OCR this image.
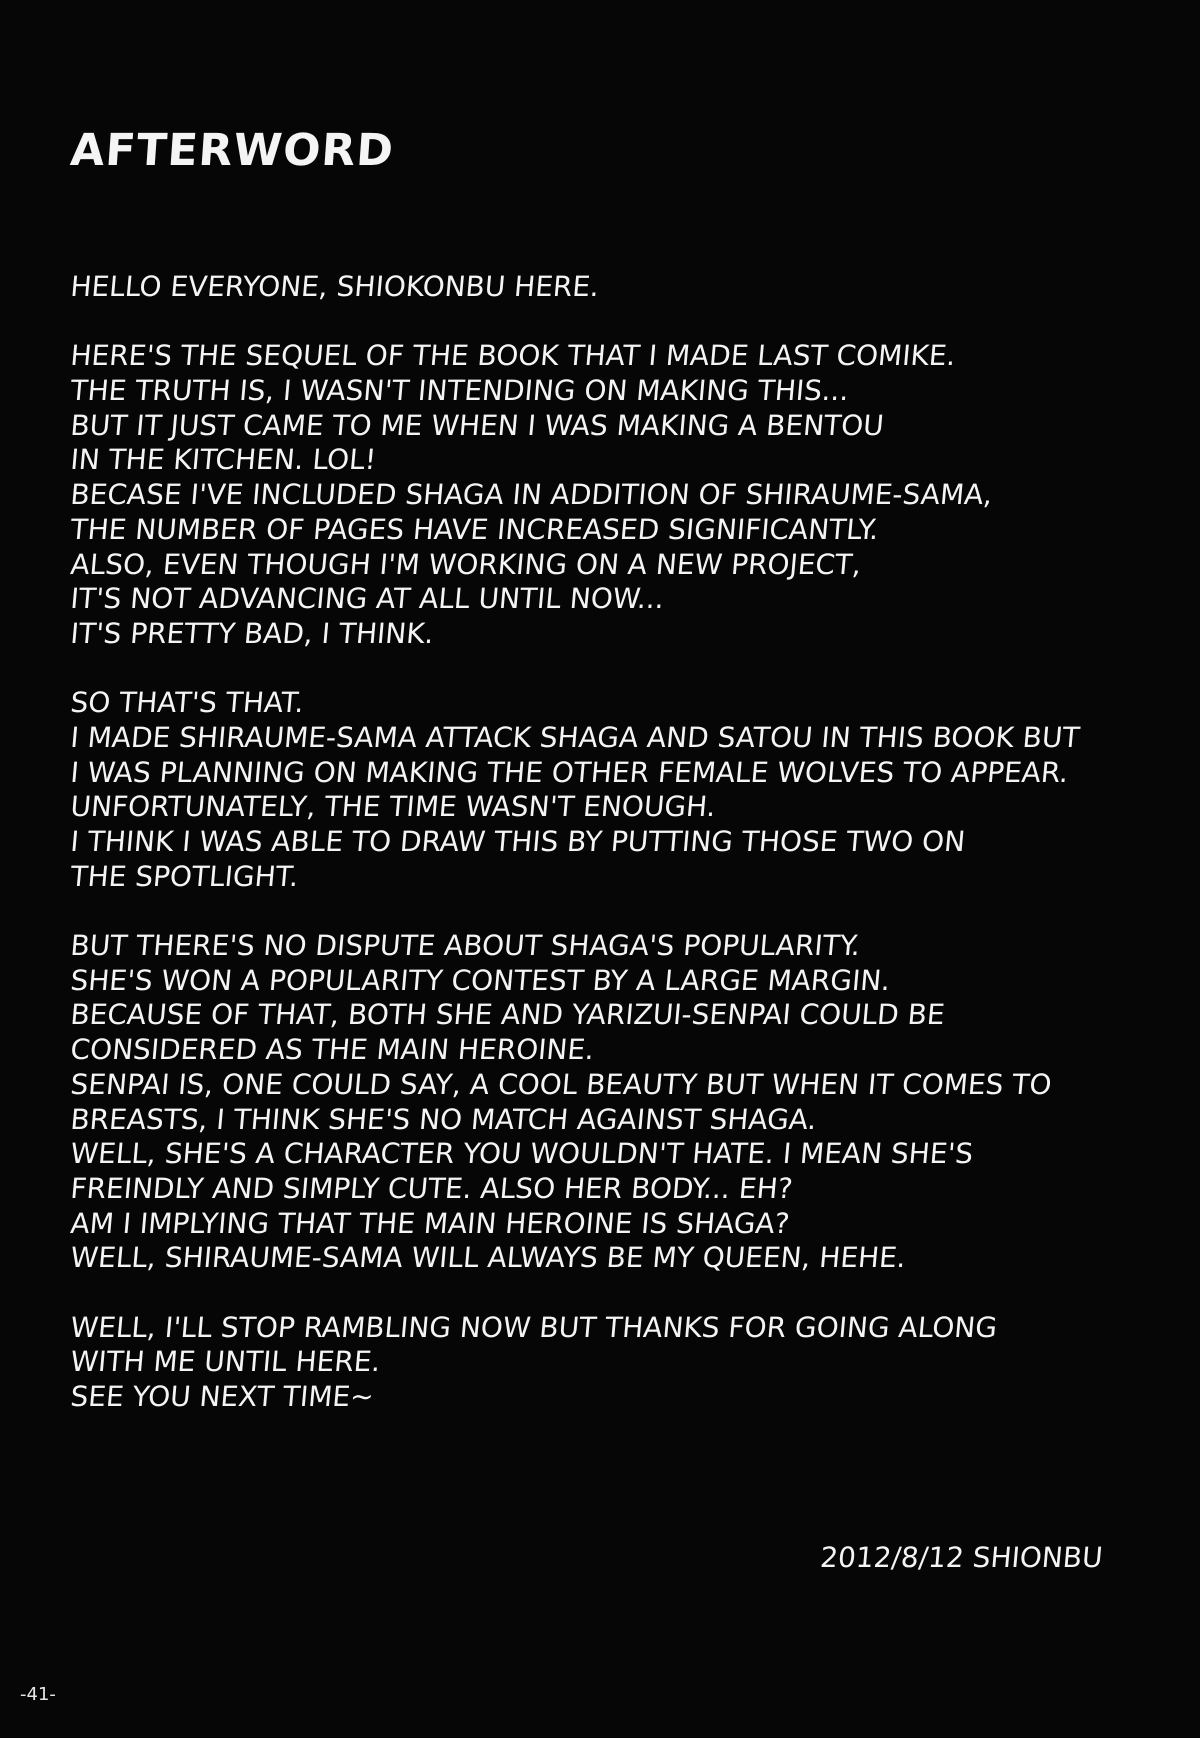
AFTERWORD
HELLO EVERYONE, SHIOKONBU HERE.
HERE'S THE SEQUEL OF THE BOOK THAT I MADE LAST COMIKE.
THE TRUTH IS, I WASN'T INTENDING ON MAKING THIS...
BUT IT JUST CAME TO ME WHEN I WAS MAKING A BENTOU
IN THE KITCHEN. LOL!
BECASE I'VE INCLUDED SHAGA IN ADDITION OF SHIRAUME-SAMA,
THE NUMBER OF PAGES HAVE INCREASED SIGNIFICANTLY.
ALSO, EVEN THOUGH I'M WORKING ON A NEW PROJECT,
IT'S NOT ADVANCING AT ALL UNTIL NOW...
IT'S PRETTY BAD, I THINK.
SO THAT'S THAT.
I MADE SHIRAUME-SAMA ATTACK SHAGA AND SATOU IN THIS BOOK BUT
I WAS PLANNING ON MAKING THE OTHER FEMALE WOLVES TO APPEAR.
UNFORTUNATELY, THE TIME WASN'T ENOUGH.
I THINK I WAS ABLE TO DRAW THIS BY PUTTING THOSE TWO ON
THE SPOTLIGHT.
BUT THERE'S NO DISPUTE ABOUT SHAGA'S POPULARITY.
SHE'S WON A POPULARITY CONTEST BY A LARGE MARGIN.
BECAUSE OF THAT, BOTH SHE AND YARIZUI-SENPAI COULD BE
CONSIDERED AS THE MAIN HEROINE.
SENPAI IS, ONE COULD SAY, A COOL BEAUTY BUT WHEN IT COMES TO
BREASTS, I THINK SHE'S NO MATCH AGAINST SHAGA.
WELL, SHE'S A CHARACTER YOU WOULDN'T HATE. I MEAN SHE'S
FREINDLY AND SIMPLY CUTE. ALSO HER BODY... EH?
AM I IMPLYING THAT THE MAIN HEROINE IS SHAGA?
WELL, SHIRAUME-SAMA WILL ALWAYS BE MY QUEEN, HEHE.
WELL, I'LL STOP RAMBLING NOW BUT THANKS FOR GOING ALONG
WITH ME UNTIL HERE.
SEE YOU NEXT TIME~
2012/8/12 SHIONBU
-41-
